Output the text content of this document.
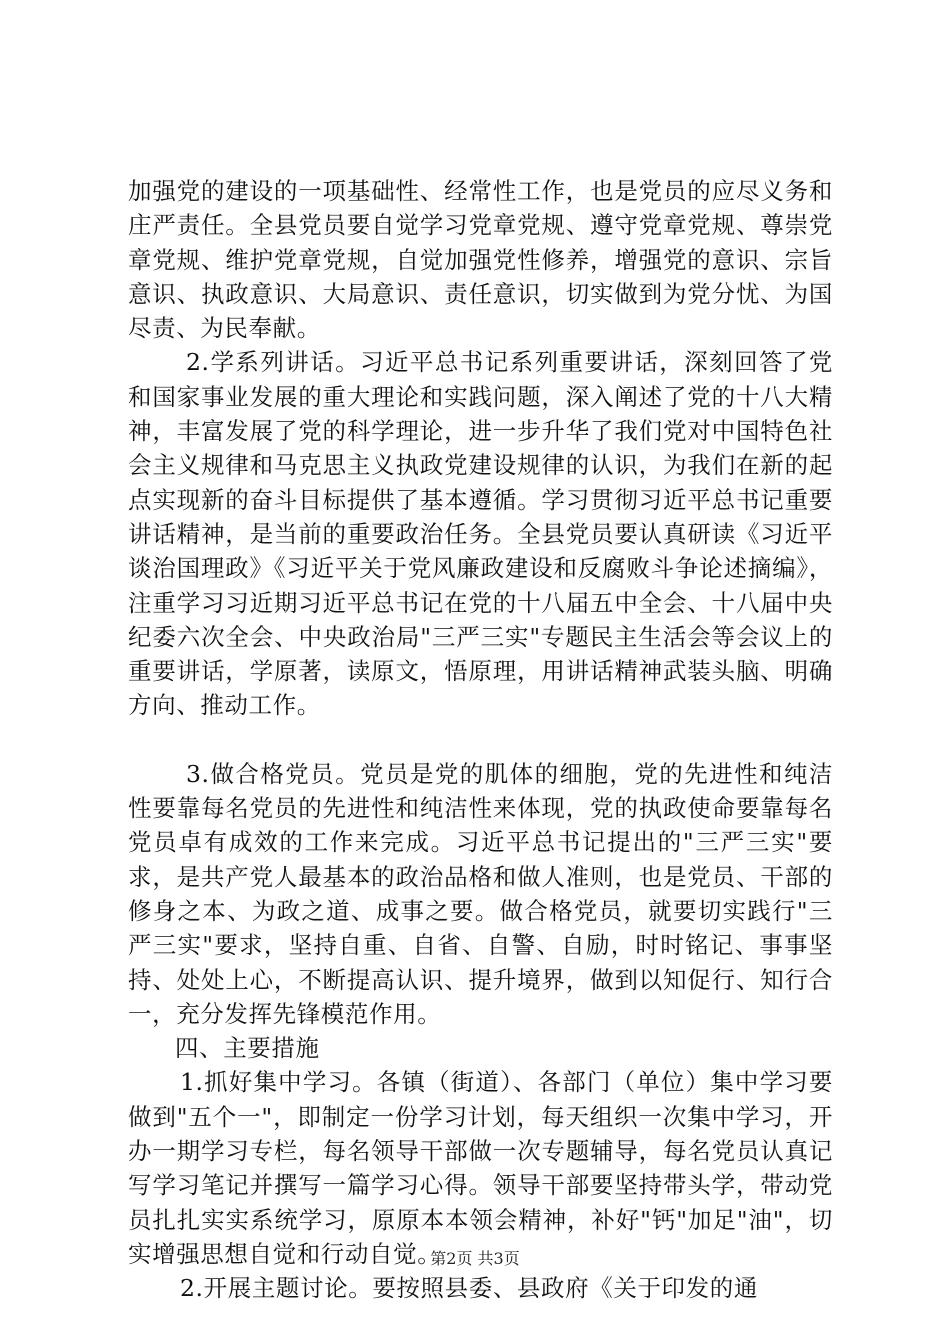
加强党的建设的一项基础性、经常性工作，也是党员的应尽义务和庄严责任。全县党员要自觉学习党章党规、遵守党章党规、尊崇党章党规、维护党章党规，自觉加强党性修养，增强党的意识、宗旨意识、执政意识、大局意识、责任意识，切实做到为党分忧、为国尽责、为民奉献。

2.学系列讲话。习近平总书记系列重要讲话，深刻回答了党和国家事业发展的重大理论和实践问题，深入阐述了党的十八大精神，丰富发展了党的科学理论，进一步升华了我们党对中国特色社会主义规律和马克思主义执政党建设规律的认识，为我们在新的起点实现新的奋斗目标提供了基本遵循。学习贯彻习近平总书记重要讲话精神，是当前的重要政治任务。全县党员要认真研读《习近平谈治国理政》《习近平关于党风廉政建设和反腐败斗争论述摘编》，注重学习习近期习近平总书记在党的十八届五中全会、十八届中央纪委六次全会、中央政治局"三严三实"专题民主生活会等会议上的重要讲话，学原著，读原文，悟原理，用讲话精神武装头脑、明确方向、推动工作。

3.做合格党员。党员是党的肌体的细胞，党的先进性和纯洁性要靠每名党员的先进性和纯洁性来体现，党的执政使命要靠每名党员卓有成效的工作来完成。习近平总书记提出的"三严三实"要求，是共产党人最基本的政治品格和做人准则，也是党员、干部的修身之本、为政之道、成事之要。做合格党员，就要切实践行"三严三实"要求，坚持自重、自省、自警、自励，时时铭记、事事坚持、处处上心，不断提高认识、提升境界，做到以知促行、知行合一，充分发挥先锋模范作用。

四、主要措施

1.抓好集中学习。各镇（街道）、各部门（单位）集中学习要做到"五个一"，即制定一份学习计划，每天组织一次集中学习，开办一期学习专栏，每名领导干部做一次专题辅导，每名党员认真记写学习笔记并撰写一篇学习心得。领导干部要坚持带头学，带动党员扎扎实实系统学习，原原本本领会精神，补好"钙"加足"油"，切实增强思想自觉和行动自觉。

2.开展主题讨论。要按照县委、县政府《关于印发的通

第2页 共3页
